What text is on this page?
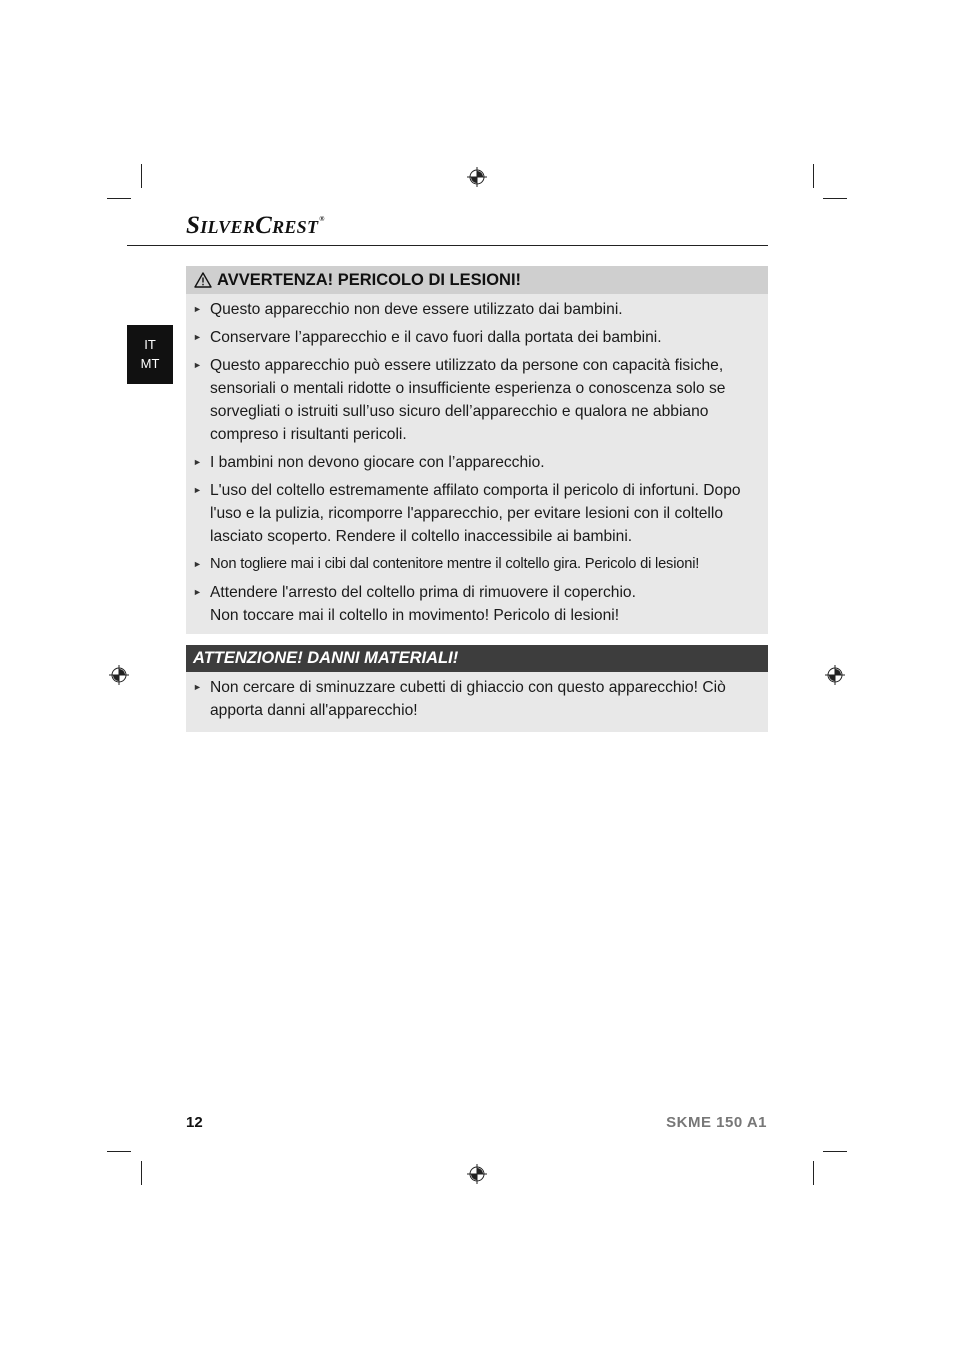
SILVERCREST®
IT
MT
AVVERTENZA! PERICOLO DI LESIONI!
► Questo apparecchio non deve essere utilizzato dai bambini.
► Conservare l’apparecchio e il cavo fuori dalla portata dei bambini.
► Questo apparecchio può essere utilizzato da persone con capacità fisiche, sensoriali o mentali ridotte o insufficiente esperienza o conoscenza solo se sorvegliati o istruiti sull’uso sicuro dell’apparecchio e qualora ne abbiano compreso i risultanti pericoli.
► I bambini non devono giocare con l’apparecchio.
► L'uso del coltello estremamente affilato comporta il pericolo di infortuni. Dopo l'uso e la pulizia, ricomporre l'apparecchio, per evitare lesioni con il coltello lasciato scoperto. Rendere il coltello inaccessibile ai bambini.
► Non togliere mai i cibi dal contenitore mentre il coltello gira. Pericolo di lesioni!
► Attendere l'arresto del coltello prima di rimuovere il coperchio.
Non toccare mai il coltello in movimento! Pericolo di lesioni!
ATTENZIONE! DANNI MATERIALI!
► Non cercare di sminuzzare cubetti di ghiaccio con questo apparecchio! Ciò apporta danni all'apparecchio!
12	SKME 150 A1
